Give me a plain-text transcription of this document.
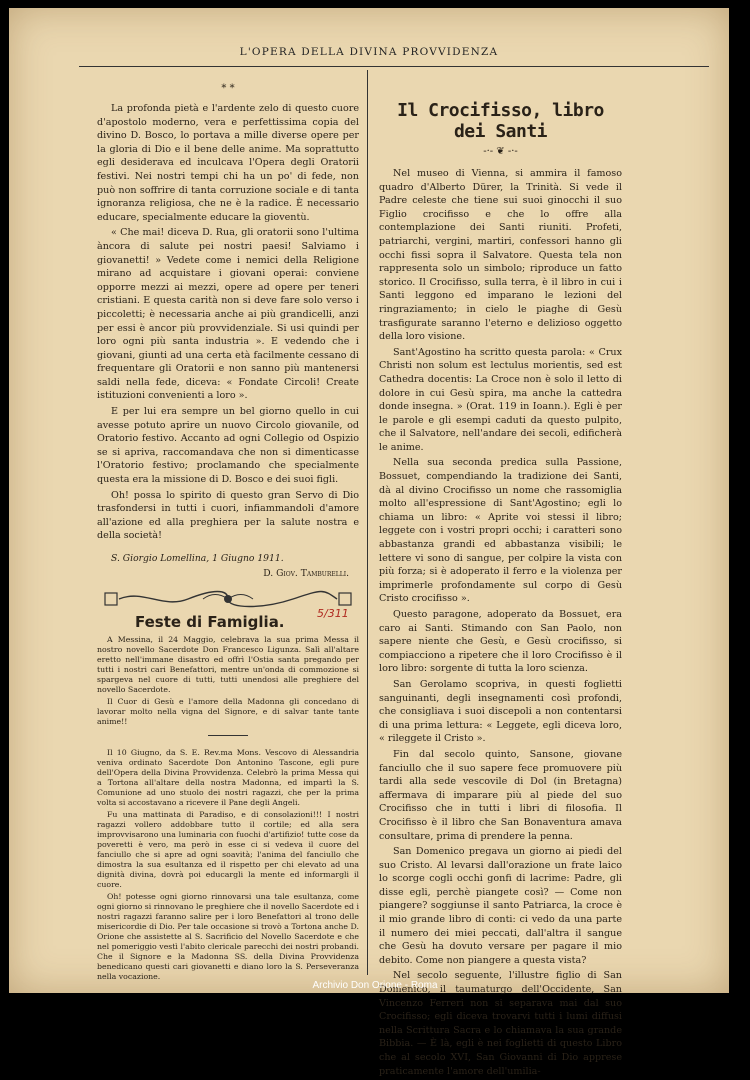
L'OPERA DELLA DIVINA PROVVIDENZA
* *

La profonda pietà e l'ardente zelo di questo cuore d'apostolo moderno, vera e perfettissima copia del divino D. Bosco, lo portava a mille diverse opere per la gloria di Dio e il bene delle anime. Ma soprattutto egli desiderava ed inculcava l'Opera degli Oratorii festivi. Nei nostri tempi chi ha un po' di fede, non può non soffrire di tanta corruzione sociale e di tanta ignoranza religiosa, che ne è la radice. È necessario educare, specialmente educare la gioventù.

« Che mai! diceva D. Rua, gli oratorii sono l'ultima àncora di salute pei nostri paesi! Salviamo i giovanetti! » Vedete come i nemici della Religione mirano ad acquistare i giovani operai: conviene opporre mezzi ai mezzi, opere ad opere per teneri cristiani. E questa carità non si deve fare solo verso i piccoletti; è necessaria anche ai più grandicelli, anzi per essi è ancor più provvidenziale. Si usi quindi per loro ogni più santa industria ». E vedendo che i giovani, giunti ad una certa età facilmente cessano di frequentare gli Oratorii e non sanno più mantenersi saldi nella fede, diceva: « Fondate Circoli! Create istituzioni convenienti a loro ».

E per lui era sempre un bel giorno quello in cui avesse potuto aprire un nuovo Circolo giovanile, od Oratorio festivo. Accanto ad ogni Collegio od Ospizio se si apriva, raccomandava che non si dimenticasse l'Oratorio festivo; proclamando che specialmente questa era la missione di D. Bosco e dei suoi figli.

Oh! possa lo spirito di questo gran Servo di Dio trasfondersi in tutti i cuori, infiammandoli d'amore all'azione ed alla preghiera per la salute nostra e della società!

S. Giorgio Lomellina, 1 Giugno 1911.
D. Giov. Tamburelli.
Feste di Famiglia.	5/311

A Messina, il 24 Maggio, celebrava la sua prima Messa il nostro novello Sacerdote Don Francesco Ligunza. Salì all'altare eretto nell'immane disastro ed offrì l'Ostia santa pregando per tutti i nostri cari Benefattori, mentre un'onda di commozione si spargeva nel cuore di tutti, tutti unendosi alle preghiere del novello Sacerdote.

Il Cuor di Gesù e l'amore della Madonna gli concedano di lavorar molto nella vigna del Signore, e di salvar tante tante anime!!

Il 10 Giugno, da S. E. Rev.ma Mons. Vescovo di Alessandria veniva ordinato Sacerdote Don Antonino Tascone, egli pure dell'Opera della Divina Provvidenza. Celebrò la prima Messa qui a Tortona all'altare della nostra Madonna, ed impartì la S. Comunione ad uno stuolo dei nostri ragazzi, che per la prima volta si accostavano a ricevere il Pane degli Angeli.

Fu una mattinata di Paradiso, e di consolazioni!!! I nostri ragazzi vollero addobbare tutto il cortile; ed alla sera improvvisarono una luminaria con fuochi d'artifizio! tutte cose da poveretti è vero, ma però in esse ci si vedeva il cuore del fanciullo che si apre ad ogni soavità; l'anima del fanciullo che dimostra la sua esultanza ed il rispetto per chi elevato ad una dignità divina, dovrà poi educargli la mente ed informargli il cuore.

Oh! potesse ogni giorno rinnovarsi una tale esultanza, come ogni giorno si rinnovano le preghiere che il novello Sacerdote ed i nostri ragazzi faranno salire per i loro Benefattori al trono delle misericordie di Dio. Per tale occasione si trovò a Tortona anche D. Orione che assistette al S. Sacrificio del Novello Sacerdote e che nel pomeriggio vestì l'abito clericale parecchi dei nostri probandi. Che il Signore e la Madonna SS. della Divina Provvidenza benedicano questi cari giovanetti e diano loro la S. Perseveranza nella vocazione.

Il Crocifisso, libro dei Santi
-·- ❦ -·-

Nel museo di Vienna, si ammira il famoso quadro d'Alberto Dürer, la Trinità. Si vede il Padre celeste che tiene sui suoi ginocchi il suo Figlio crocifisso e che lo offre alla contemplazione dei Santi riuniti. Profeti, patriarchi, vergini, martiri, confessori hanno gli occhi fissi sopra il Salvatore. Questa tela non rappresenta solo un simbolo; riproduce un fatto storico. Il Crocifisso, sulla terra, è il libro in cui i Santi leggono ed imparano le lezioni del ringraziamento; in cielo le piaghe di Gesù trasfigurate saranno l'eterno e delizioso oggetto della loro visione.

Sant'Agostino ha scritto questa parola: « Crux Christi non solum est lectulus morientis, sed est Cathedra docentis: La Croce non è solo il letto di dolore in cui Gesù spira, ma anche la cattedra donde insegna. » (Orat. 119 in Ioann.). Egli è per le parole e gli esempi caduti da questo pulpito, che il Salvatore, nell'andare dei secoli, edificherà le anime.

Nella sua seconda predica sulla Passione, Bossuet, compendiando la tradizione dei Santi, dà al divino Crocifisso un nome che rassomiglia molto all'espressione di Sant'Agostino; egli lo chiama un libro: « Aprite voi stessi il libro; leggete con i vostri propri occhi; i caratteri sono abbastanza grandi ed abbastanza visibili; le lettere vi sono di sangue, per colpire la vista con più forza; si è adoperato il ferro e la violenza per imprimerle profondamente sul corpo di Gesù Cristo crocifisso ».

Questo paragone, adoperato da Bossuet, era caro ai Santi. Stimando con San Paolo, non sapere niente che Gesù, e Gesù crocifisso, si compiacciono a ripetere che il loro Crocifisso è il loro libro: sorgente di tutta la loro scienza.

San Gerolamo scopriva, in questi foglietti sanguinanti, degli insegnamenti così profondi, che consigliava i suoi discepoli a non contentarsi di una prima lettura: « Leggete, egli diceva loro, « rileggete il Cristo ».

Fin dal secolo quinto, Sansone, giovane fanciullo che il suo sapere fece promuovere più tardi alla sede vescovile di Dol (in Bretagna) affermava di imparare più al piede del suo Crocifisso che in tutti i libri di filosofia. Il Crocifisso è il libro che San Bonaventura amava consultare, prima di prendere la penna.

San Domenico pregava un giorno ai piedi del suo Cristo. Al levarsi dall'orazione un frate laico lo scorge cogli occhi gonfi di lacrime: Padre, gli disse egli, perchè piangete così? — Come non piangere? soggiunse il santo Patriarca, la croce è il mio grande libro di conti: ci vedo da una parte il numero dei miei peccati, dall'altra il sangue che Gesù ha dovuto versare per pagare il mio debito. Come non piangere a questa vista?

Nel secolo seguente, l'illustre figlio di San Domenico, il taumaturgo dell'Occidente, San Vincenzo Ferreri non si separava mai dal suo Crocifisso; egli diceva trovarvi tutti i lumi diffusi nella Scrittura Sacra e lo chiamava la sua grande Bibbia. — È là, egli è nei foglietti di questo Libro che al secolo XVI, San Giovanni di Dio apprese praticamente l'amore dell'umilia-

Archivio Don Orione - Roma
